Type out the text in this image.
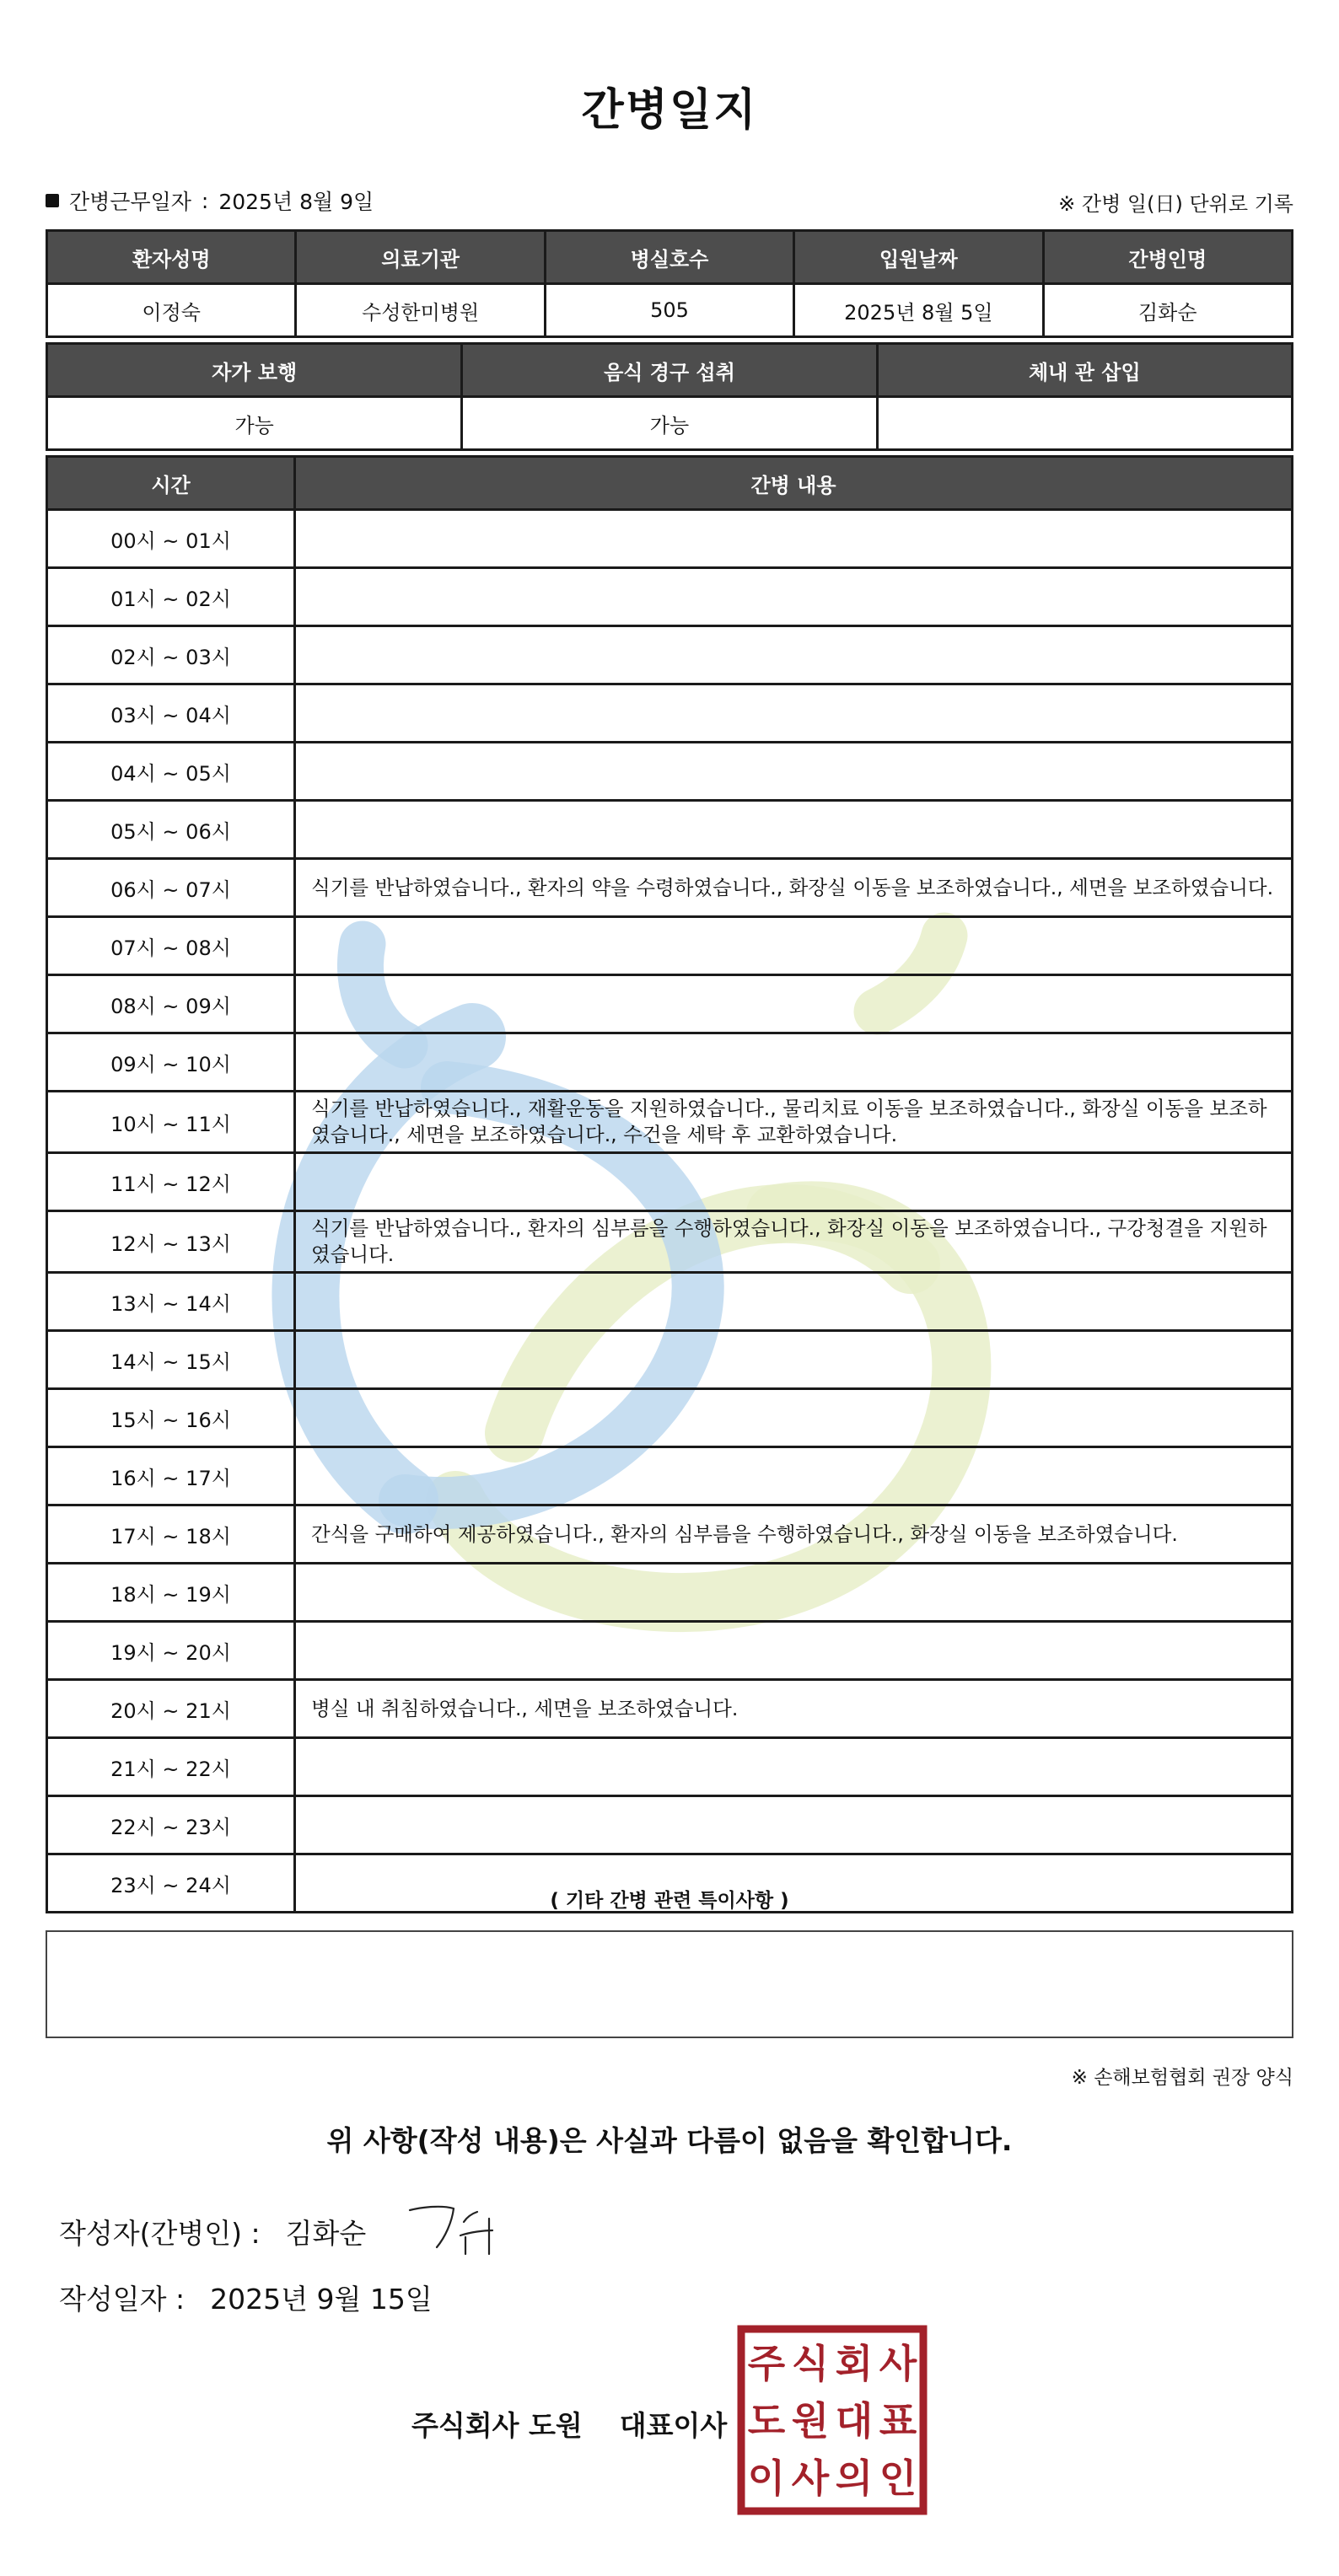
간병일지
간병근무일자 : 2025년 8월 9일	※ 간병 일(日) 단위로 기록
환자성명	의료기관	병실호수	입원날짜	간병인명
이정숙	수성한미병원	505	2025년 8월 5일	김화순
자가 보행	음식 경구 섭취	체내 관 삽입
가능	가능	
시간	간병 내용
00시 ~ 01시	
01시 ~ 02시	
02시 ~ 03시	
03시 ~ 04시	
04시 ~ 05시	
05시 ~ 06시	
06시 ~ 07시	식기를 반납하였습니다., 환자의 약을 수령하였습니다., 화장실 이동을 보조하였습니다., 세면을 보조하였습니다.
07시 ~ 08시	
08시 ~ 09시	
09시 ~ 10시	
10시 ~ 11시	식기를 반납하였습니다., 재활운동을 지원하였습니다., 물리치료 이동을 보조하였습니다., 화장실 이동을 보조하였습니다., 세면을 보조하였습니다., 수건을 세탁 후 교환하였습니다.
11시 ~ 12시	
12시 ~ 13시	식기를 반납하였습니다., 환자의 심부름을 수행하였습니다., 화장실 이동을 보조하였습니다., 구강청결을 지원하였습니다.
13시 ~ 14시	
14시 ~ 15시	
15시 ~ 16시	
16시 ~ 17시	
17시 ~ 18시	간식을 구매하여 제공하였습니다., 환자의 심부름을 수행하였습니다., 화장실 이동을 보조하였습니다.
18시 ~ 19시	
19시 ~ 20시	
20시 ~ 21시	병실 내 취침하였습니다., 세면을 보조하였습니다.
21시 ~ 22시	
22시 ~ 23시	
23시 ~ 24시	
( 기타 간병 관련 특이사항 )
※ 손해보험협회 권장 양식
위 사항(작성 내용)은 사실과 다름이 없음을 확인합니다.
작성자(간병인) : 김화순
작성일자 : 2025년 9월 15일
주식회사 도원 대표이사
주 식 회 사
도 원 대 표
이 사 의 인
